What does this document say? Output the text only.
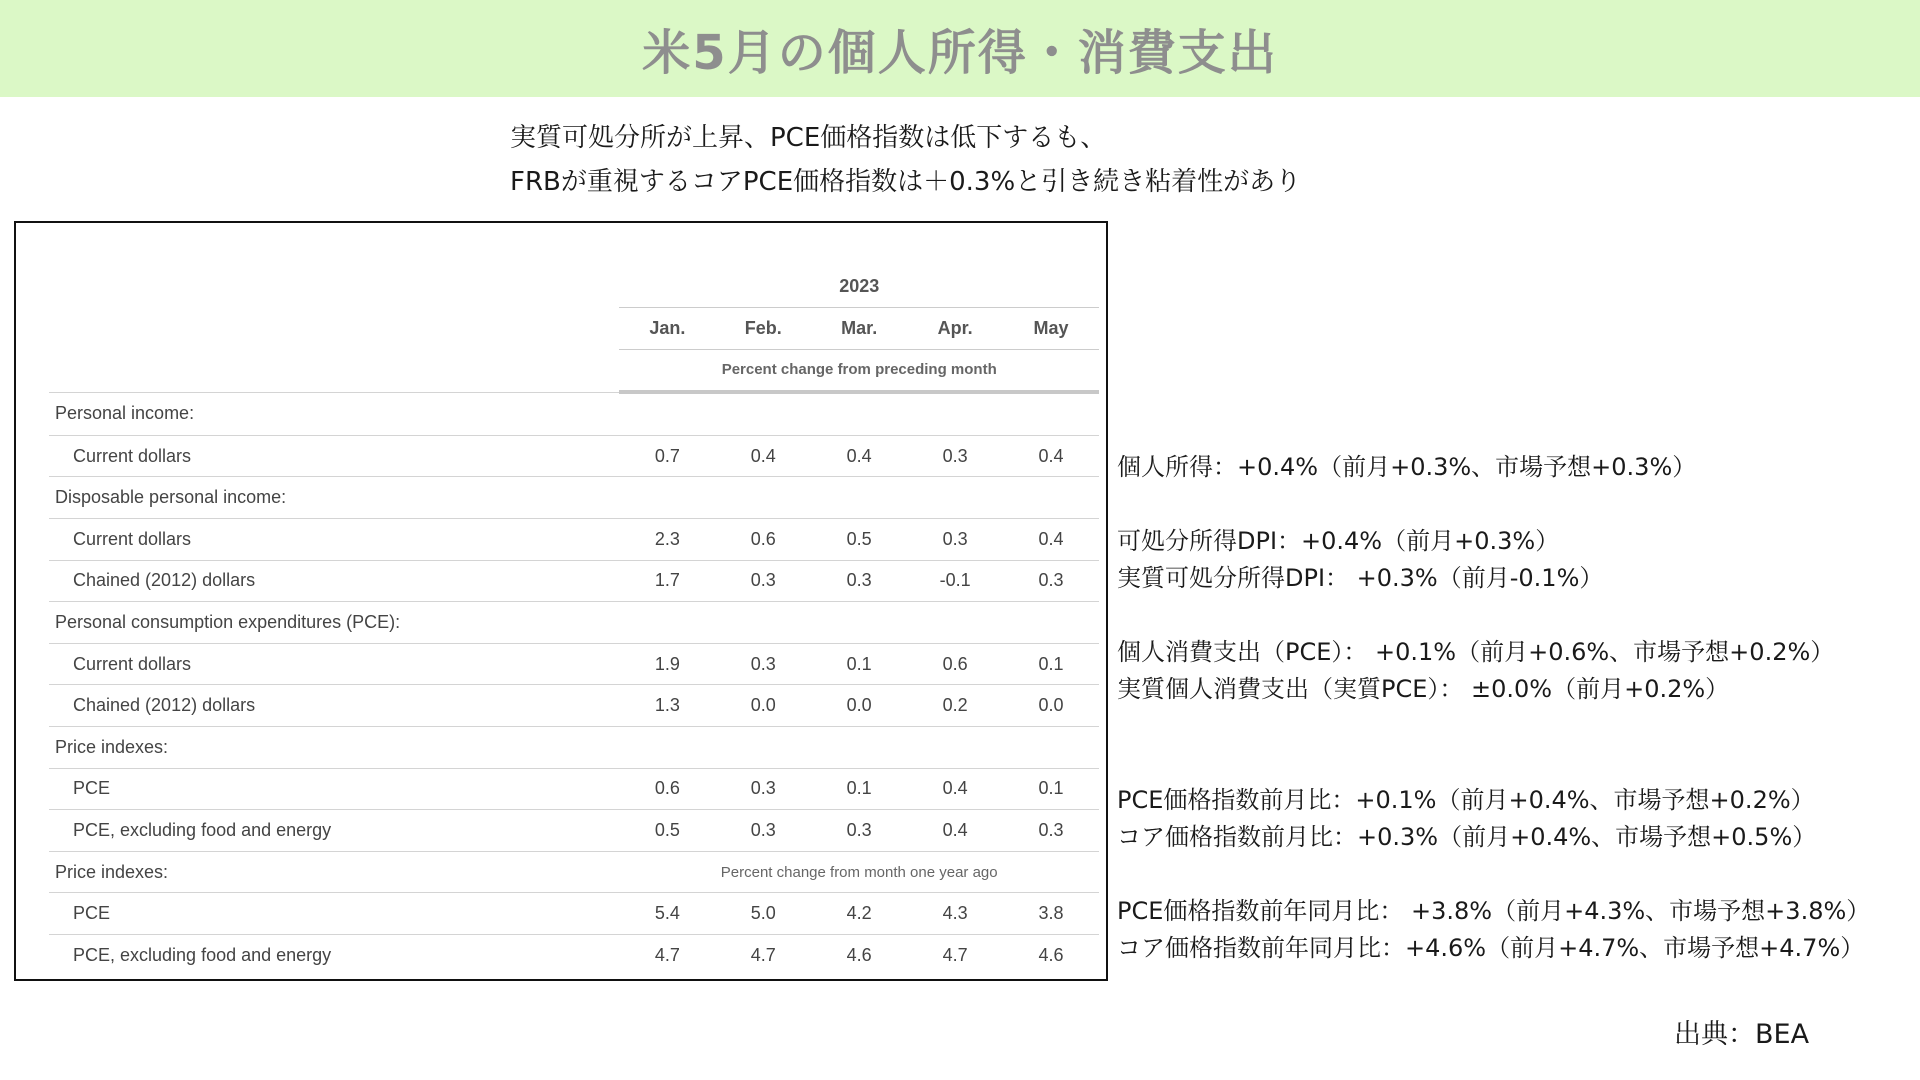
米5月の個人所得・消費支出
実質可処分所が上昇、PCE価格指数は低下するも、
FRBが重視するコアPCE価格指数は＋0.3%と引き続き粘着性があり
	2023				
	Jan.	Feb.	Mar.	Apr.	May
	Percent change from preceding month				
Personal income:					
Current dollars	0.7	0.4	0.4	0.3	0.4
Disposable personal income:					
Current dollars	2.3	0.6	0.5	0.3	0.4
Chained (2012) dollars	1.7	0.3	0.3	-0.1	0.3
Personal consumption expenditures (PCE):					
Current dollars	1.9	0.3	0.1	0.6	0.1
Chained (2012) dollars	1.3	0.0	0.0	0.2	0.0
Price indexes:					
PCE	0.6	0.3	0.1	0.4	0.1
PCE, excluding food and energy	0.5	0.3	0.3	0.4	0.3
Price indexes:	Percent change from month one year ago				
PCE	5.4	5.0	4.2	4.3	3.8
PCE, excluding food and energy	4.7	4.7	4.6	4.7	4.6
個人所得：+0.4%（前月+0.3%、市場予想+0.3%）
可処分所得DPI：+0.4%（前月+0.3%）
実質可処分所得DPI： +0.3%（前月-0.1%）
個人消費支出（PCE）： +0.1%（前月+0.6%、市場予想+0.2%）
実質個人消費支出（実質PCE）： ±0.0%（前月+0.2%）
PCE価格指数前月比：+0.1%（前月+0.4%、市場予想+0.2%）
コア価格指数前月比：+0.3%（前月+0.4%、市場予想+0.5%）
PCE価格指数前年同月比： +3.8%（前月+4.3%、市場予想+3.8%）
コア価格指数前年同月比：+4.6%（前月+4.7%、市場予想+4.7%）
出典：BEA
